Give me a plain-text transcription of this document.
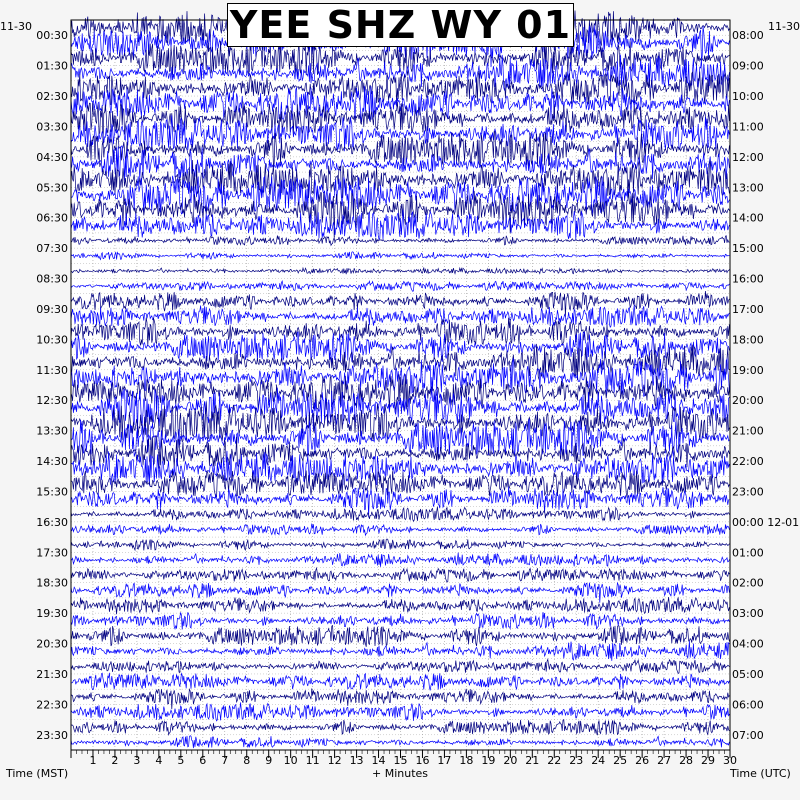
1 2 3 4 5 6 7 8 9 10 11 12 13 14 15 16 17 18 19 20 21 22 23 24 25 26 27 28 29 30
00:30
01:30
02:30
03:30
04:30
05:30
06:30
07:30
08:30
09:30
10:30
11:30
12:30
13:30
14:30
15:30
16:30
17:30
18:30
19:30
20:30
21:30
22:30
23:30
08:00
09:00
10:00
11:00
12:00
13:00
14:00
15:00
16:00
17:00
18:00
19:00
20:00
21:00
22:00
23:00
00:00 12-01
01:00
02:00
03:00
04:00
05:00
06:00
07:00
Time (MST)	+ Minutes	Time (UTC)
11-30	11-30
YEE SHZ WY 01
